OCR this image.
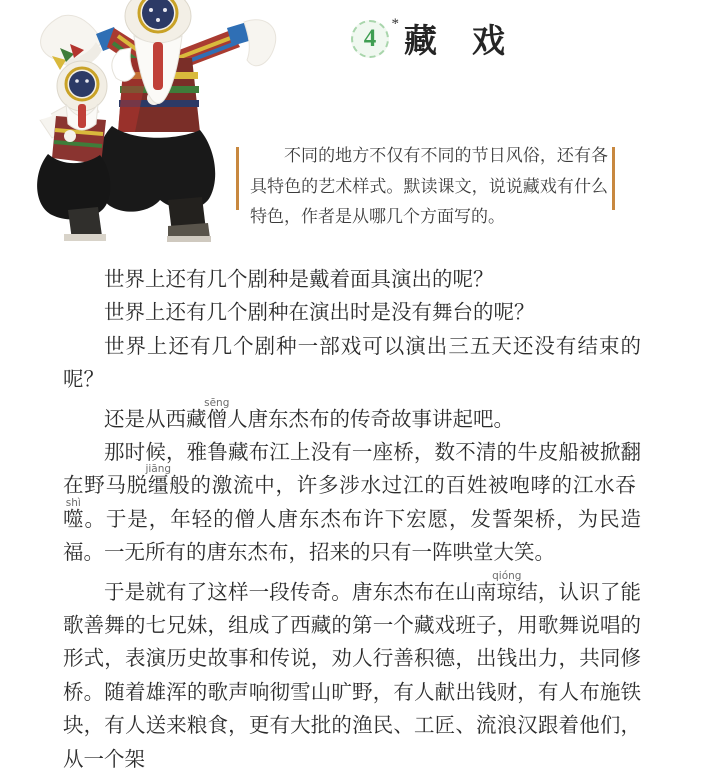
4
*
藏　戏

不同的地方不仅有不同的节日风俗，还有各具特色的艺术样式。默读课文，说说藏戏有什么特色，作者是从哪几个方面写的。

世界上还有几个剧种是戴着面具演出的呢？

世界上还有几个剧种在演出时是没有舞台的呢？

世界上还有几个剧种一部戏可以演出三五天还没有结束的呢？

还是从西藏僧sēng人唐东杰布的传奇故事讲起吧。

那时候，雅鲁藏布江上没有一座桥，数不清的牛皮船被掀翻在野马脱缰jiāng般的激流中，许多涉水过江的百姓被咆哮的江水吞噬shì。于是，年轻的僧人唐东杰布许下宏愿，发誓架桥，为民造福。一无所有的唐东杰布，招来的只有一阵哄堂大笑。

于是就有了这样一段传奇。唐东杰布在山南琼qióng结，认识了能歌善舞的七兄妹，组成了西藏的第一个藏戏班子，用歌舞说唱的形式，表演历史故事和传说，劝人行善积德，出钱出力，共同修桥。随着雄浑的歌声响彻雪山旷野，有人献出钱财，有人布施铁块，有人送来粮食，更有大批的渔民、工匠、流浪汉跟着他们，从一个架
